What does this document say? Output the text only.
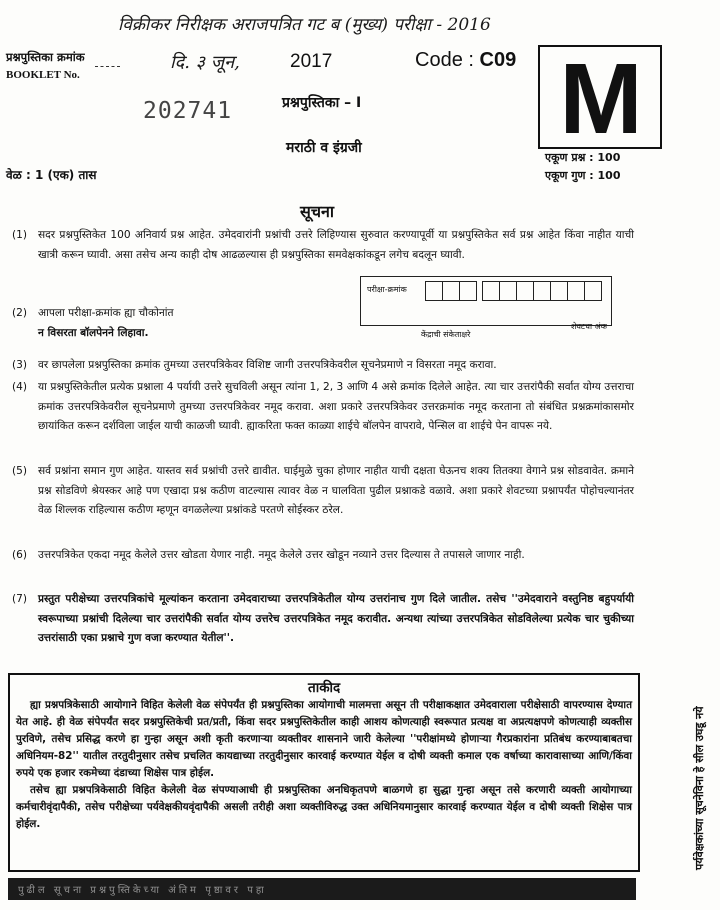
विक्रीकर निरीक्षक अराजपत्रित गट ब (मुख्य) परीक्षा - 2016
प्रश्नपुस्तिका क्रमांक
BOOKLET No.
दि. ३ जून,	2017	Code : C09 M
202741	प्रश्नपुस्तिका – I
मराठी व इंग्रजी
वेळ : 1 (एक) तास
एकूण प्रश्न : 100
एकूण गुण : 100
सूचना
(1) सदर प्रश्नपुस्तिकेत 100 अनिवार्य प्रश्न आहेत. उमेदवारांनी प्रश्नांची उत्तरे लिहिण्यास सुरुवात करण्यापूर्वी या प्रश्नपुस्तिकेत सर्व प्रश्न आहेत किंवा नाहीत याची खात्री करून घ्यावी. असा तसेच अन्य काही दोष आढळल्यास ही प्रश्नपुस्तिका समवेक्षकांकडून लगेच बदलून घ्यावी.
परीक्षा-क्रमांक
केंद्राची संकेताक्षरे
शेवटचा अंक
(2) आपला परीक्षा-क्रमांक ह्या चौकोनांत
न विसरता बॉलपेनने लिहावा.
(3) वर छापलेला प्रश्नपुस्तिका क्रमांक तुमच्या उत्तरपत्रिकेवर विशिष्ट जागी उत्तरपत्रिकेवरील सूचनेप्रमाणे न विसरता नमूद करावा.
(4) या प्रश्नपुस्तिकेतील प्रत्येक प्रश्नाला 4 पर्यायी उत्तरे सुचविली असून त्यांना 1, 2, 3 आणि 4 असे क्रमांक दिलेले आहेत. त्या चार उत्तरांपैकी सर्वात योग्य उत्तराचा क्रमांक उत्तरपत्रिकेवरील सूचनेप्रमाणे तुमच्या उत्तरपत्रिकेवर नमूद करावा. अशा प्रकारे उत्तरपत्रिकेवर उत्तरक्रमांक नमूद करताना तो संबंधित प्रश्नक्रमांकासमोर छायांकित करून दर्शविला जाईल याची काळजी घ्यावी. ह्याकरिता फक्त काळ्या शाईचे बॉलपेन वापरावे, पेन्सिल वा शाईचे पेन वापरू नये.
(5) सर्व प्रश्नांना समान गुण आहेत. यास्तव सर्व प्रश्नांची उत्तरे द्यावीत. घाईमुळे चुका होणार नाहीत याची दक्षता घेऊनच शक्य तितक्या वेगाने प्रश्न सोडवावेत. क्रमाने प्रश्न सोडविणे श्रेयस्कर आहे पण एखादा प्रश्न कठीण वाटल्यास त्यावर वेळ न घालविता पुढील प्रश्नाकडे वळावे. अशा प्रकारे शेवटच्या प्रश्नापर्यंत पोहोचल्यानंतर वेळ शिल्लक राहिल्यास कठीण म्हणून वगळलेल्या प्रश्नांकडे परतणे सोईस्कर ठरेल.
(6) उत्तरपत्रिकेत एकदा नमूद केलेले उत्तर खोडता येणार नाही. नमूद केलेले उत्तर खोडून नव्याने उत्तर दिल्यास ते तपासले जाणार नाही.
(7) प्रस्तुत परीक्षेच्या उत्तरपत्रिकांचे मूल्यांकन करताना उमेदवाराच्या उत्तरपत्रिकेतील योग्य उत्तरांनाच गुण दिले जातील. तसेच ''उमेदवाराने वस्तुनिष्ठ बहुपर्यायी स्वरूपाच्या प्रश्नांची दिलेल्या चार उत्तरांपैकी सर्वात योग्य उत्तरेच उत्तरपत्रिकेत नमूद करावीत. अन्यथा त्यांच्या उत्तरपत्रिकेत सोडविलेल्या प्रत्येक चार चुकीच्या उत्तरांसाठी एका प्रश्नाचे गुण वजा करण्यात येतील''.
पर्यवेक्षकांच्या सूचनेविना हे सील उघडू नये
ताकीद
ह्या प्रश्नपत्रिकेसाठी आयोगाने विहित केलेली वेळ संपेपर्यंत ही प्रश्नपुस्तिका आयोगाची मालमत्ता असून ती परीक्षाकक्षात उमेदवाराला परीक्षेसाठी वापरण्यास देण्यात येत आहे. ही वेळ संपेपर्यंत सदर प्रश्नपुस्तिकेची प्रत/प्रती, किंवा सदर प्रश्नपुस्तिकेतील काही आशय कोणत्याही स्वरूपात प्रत्यक्ष वा अप्रत्यक्षपणे कोणत्याही व्यक्तीस पुरविणे, तसेच प्रसिद्ध करणे हा गुन्हा असून अशी कृती करणाऱ्या व्यक्तीवर शासनाने जारी केलेल्या ''परीक्षांमध्ये होणाऱ्या गैरप्रकारांना प्रतिबंध करण्याबाबतचा अधिनियम-82'' यातील तरतुदीनुसार तसेच प्रचलित कायद्याच्या तरतुदीनुसार कारवाई करण्यात येईल व दोषी व्यक्ती कमाल एक वर्षाच्या कारावासाच्या आणि/किंवा रुपये एक हजार रकमेच्या दंडाच्या शिक्षेस पात्र होईल.
तसेच ह्या प्रश्नपत्रिकेसाठी विहित केलेली वेळ संपण्याआधी ही प्रश्नपुस्तिका अनधिकृतपणे बाळगणे हा सुद्धा गुन्हा असून तसे करणारी व्यक्ती आयोगाच्या कर्मचारीवृंदापैकी, तसेच परीक्षेच्या पर्यवेक्षकीयवृंदापैकी असली तरीही अशा व्यक्तीविरुद्ध उक्त अधिनियमानुसार कारवाई करण्यात येईल व दोषी व्यक्ती शिक्षेस पात्र होईल.
पुढील सूचना प्रश्नपुस्तिकेच्या अंतिम पृष्ठावर पहा
